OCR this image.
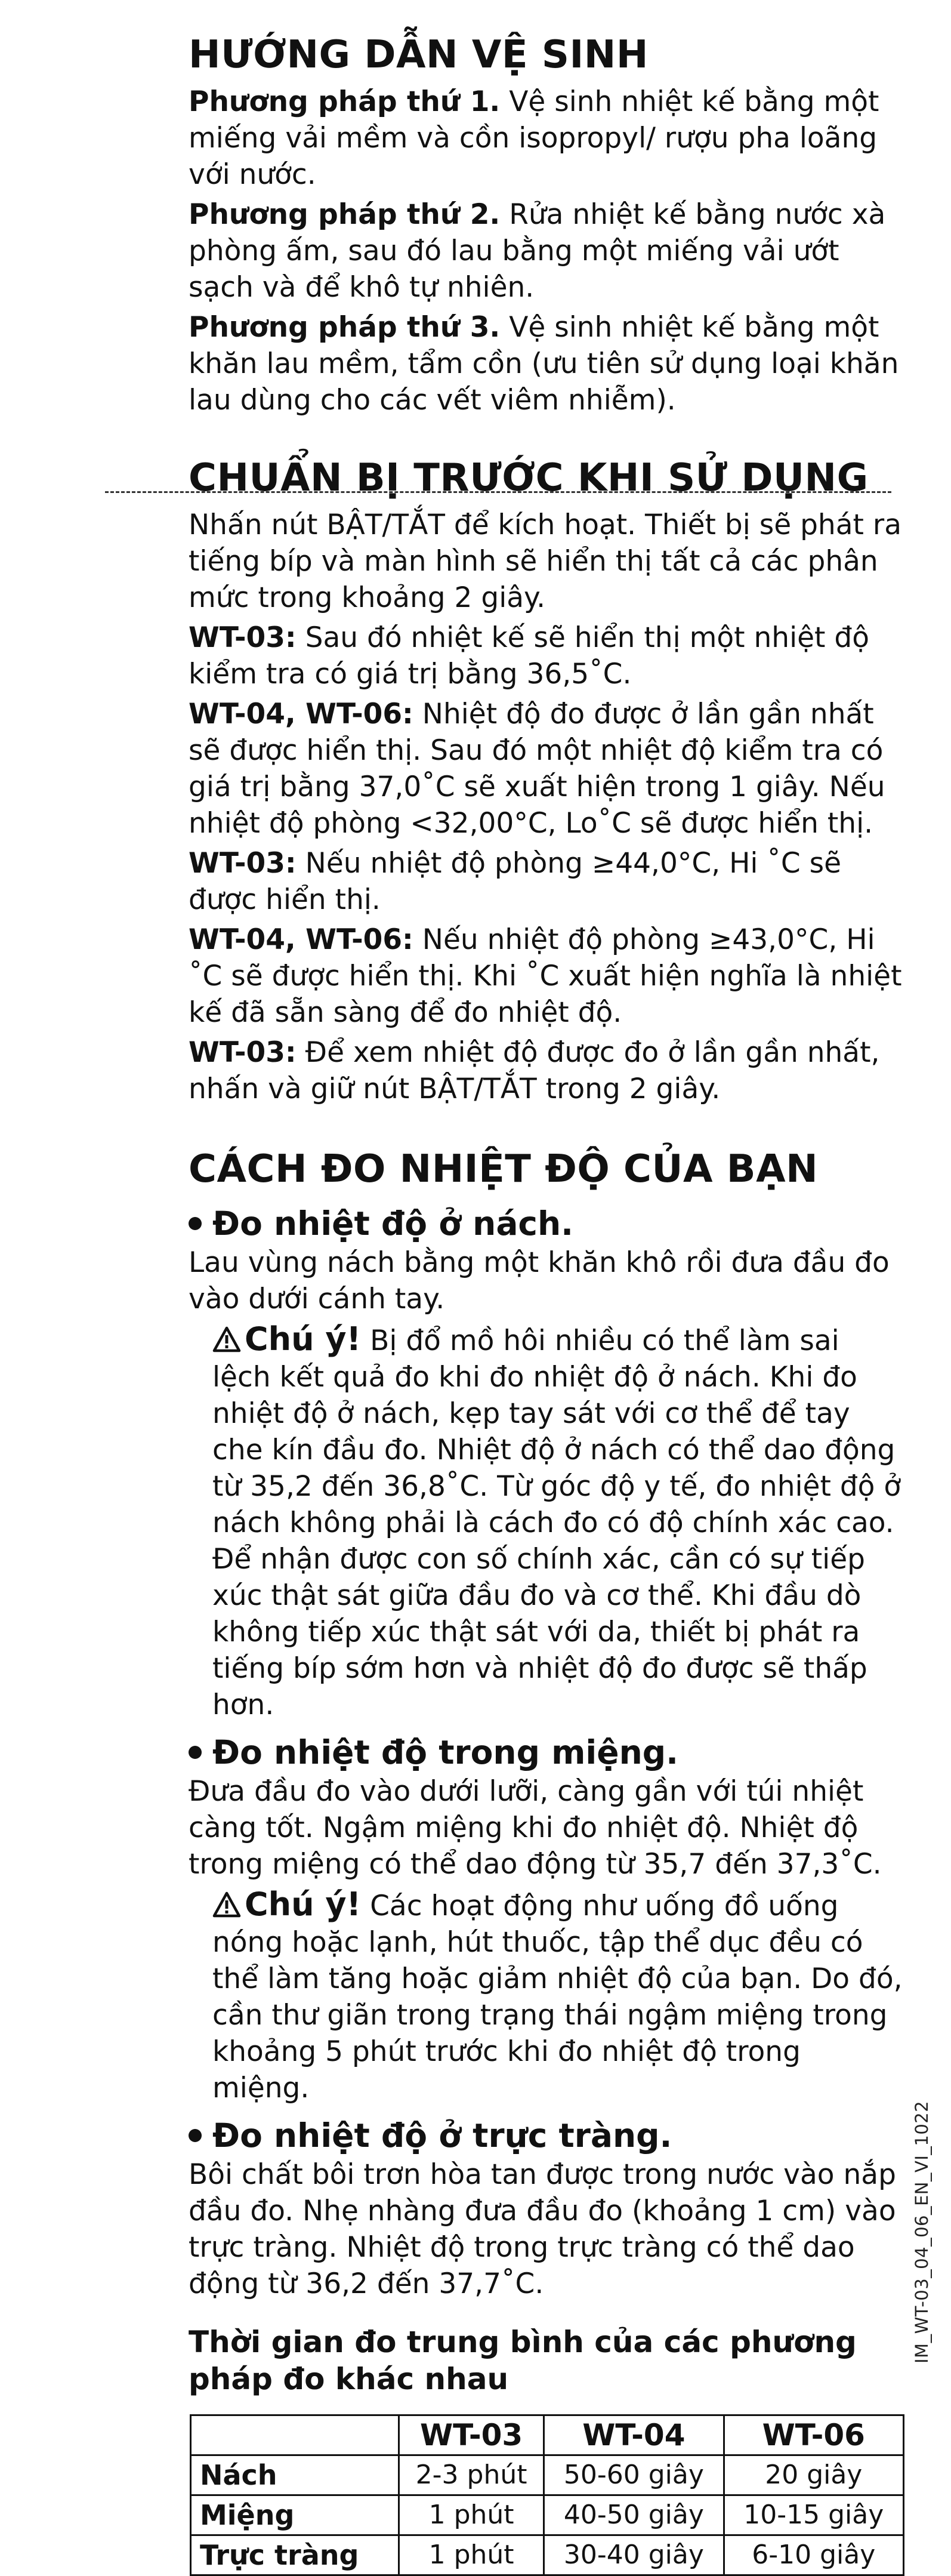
HƯỚNG DẪN VỆ SINH

Phương pháp thứ 1. Vệ sinh nhiệt kế bằng một miếng vải mềm và cồn isopropyl/ rượu pha loãng với nước.

Phương pháp thứ 2. Rửa nhiệt kế bằng nước xà phòng ấm, sau đó lau bằng một miếng vải ướt sạch và để khô tự nhiên.

Phương pháp thứ 3. Vệ sinh nhiệt kế bằng một khăn lau mềm, tẩm cồn (ưu tiên sử dụng loại khăn lau dùng cho các vết viêm nhiễm).

CHUẨN BỊ TRƯỚC KHI SỬ DỤNG

Nhấn nút BẬT/TẮT để kích hoạt. Thiết bị sẽ phát ra tiếng bíp và màn hình sẽ hiển thị tất cả các phân mức trong khoảng 2 giây.

WT-03: Sau đó nhiệt kế sẽ hiển thị một nhiệt độ kiểm tra có giá trị bằng 36,5˚C.

WT-04, WT-06: Nhiệt độ đo được ở lần gần nhất sẽ được hiển thị. Sau đó một nhiệt độ kiểm tra có giá trị bằng 37,0˚C sẽ xuất hiện trong 1 giây. Nếu nhiệt độ phòng <32,00°C, Lo˚C sẽ được hiển thị.

WT-03: Nếu nhiệt độ phòng ≥44,0°C, Hi ˚C sẽ được hiển thị.

WT-04, WT-06: Nếu nhiệt độ phòng ≥43,0°C, Hi ˚C sẽ được hiển thị. Khi ˚C xuất hiện nghĩa là nhiệt kế đã sẵn sàng để đo nhiệt độ.

WT-03: Để xem nhiệt độ được đo ở lần gần nhất, nhấn và giữ nút BẬT/TẮT trong 2 giây.

CÁCH ĐO NHIỆT ĐỘ CỦA BẠN
Đo nhiệt độ ở nách.

Lau vùng nách bằng một khăn khô rồi đưa đầu đo vào dưới cánh tay.

Chú ý! Bị đổ mồ hôi nhiều có thể làm sai lệch kết quả đo khi đo nhiệt độ ở nách. Khi đo nhiệt độ ở nách, kẹp tay sát với cơ thể để tay che kín đầu đo. Nhiệt độ ở nách có thể dao động từ 35,2 đến 36,8˚C. Từ góc độ y tế, đo nhiệt độ ở nách không phải là cách đo có độ chính xác cao. Để nhận được con số chính xác, cần có sự tiếp xúc thật sát giữa đầu đo và cơ thể. Khi đầu dò không tiếp xúc thật sát với da, thiết bị phát ra tiếng bíp sớm hơn và nhiệt độ đo được sẽ thấp hơn.

Đo nhiệt độ trong miệng.

Đưa đầu đo vào dưới lưỡi, càng gần với túi nhiệt càng tốt. Ngậm miệng khi đo nhiệt độ. Nhiệt độ trong miệng có thể dao động từ 35,7 đến 37,3˚C.

Chú ý! Các hoạt động như uống đồ uống nóng hoặc lạnh, hút thuốc, tập thể dục đều có thể làm tăng hoặc giảm nhiệt độ của bạn. Do đó, cần thư giãn trong trạng thái ngậm miệng trong khoảng 5 phút trước khi đo nhiệt độ trong miệng.

Đo nhiệt độ ở trực tràng.

Bôi chất bôi trơn hòa tan được trong nước vào nắp đầu đo. Nhẹ nhàng đưa đầu đo (khoảng 1 cm) vào trực tràng. Nhiệt độ trong trực tràng có thể dao động từ 36,2 đến 37,7˚C.

Thời gian đo trung bình của các phương pháp đo khác nhau
	WT-03	WT-04	WT-06
Nách	2-3 phút	50-60 giây	20 giây
Miệng	1 phút	40-50 giây	10-15 giây
Trực tràng	1 phút	30-40 giây	6-10 giây
IM_WT-03_04_06_EN_VI_1022
